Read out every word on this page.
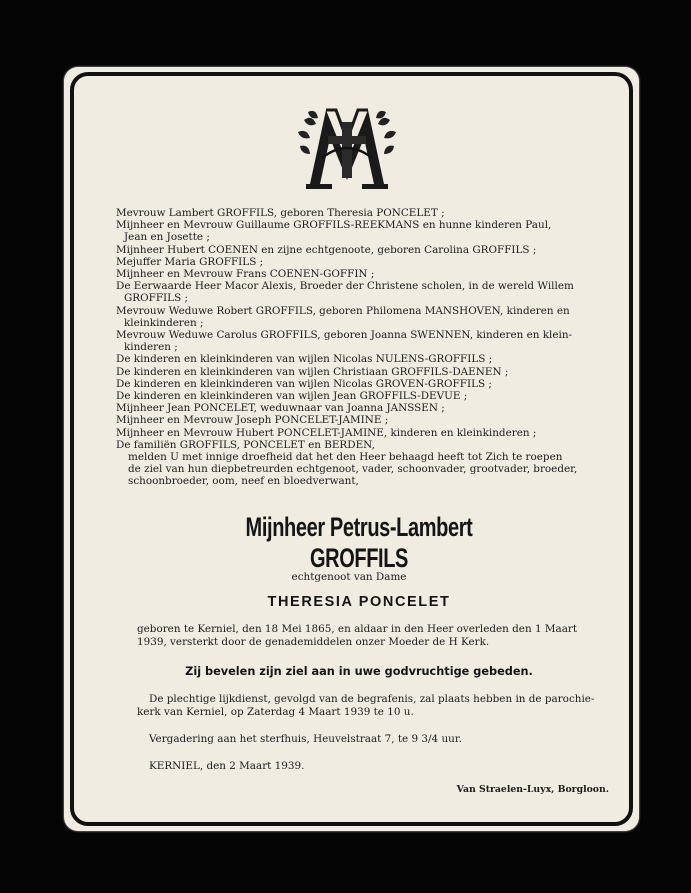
Mevrouw Lambert GROFFILS, geboren Theresia PONCELET ;
Mijnheer en Mevrouw Guillaume GROFFILS-REEKMANS en hunne kinderen Paul,
Jean en Josette ;
Mijnheer Hubert COENEN en zijne echtgenoote, geboren Carolina GROFFILS ;
Mejuffer Maria GROFFILS ;
Mijnheer en Mevrouw Frans COENEN-GOFFIN ;
De Eerwaarde Heer Macor Alexis, Broeder der Christene scholen, in de wereld Willem
GROFFILS ;
Mevrouw Weduwe Robert GROFFILS, geboren Philomena MANSHOVEN, kinderen en
kleinkinderen ;
Mevrouw Weduwe Carolus GROFFILS, geboren Joanna SWENNEN, kinderen en klein-
kinderen ;
De kinderen en kleinkinderen van wijlen Nicolas NULENS-GROFFILS ;
De kinderen en kleinkinderen van wijlen Christiaan GROFFILS-DAENEN ;
De kinderen en kleinkinderen van wijlen Nicolas GROVEN-GROFFILS ;
De kinderen en kleinkinderen van wijlen Jean GROFFILS-DEVUE ;
Mijnheer Jean PONCELET, weduwnaar van Joanna JANSSEN ;
Mijnheer en Mevrouw Joseph PONCELET-JAMINE ;
Mijnheer en Mevrouw Hubert PONCELET-JAMINE, kinderen en kleinkinderen ;
De familiën GROFFILS, PONCELET en BERDEN,
melden U met innige droefheid dat het den Heer behaagd heeft tot Zich te roepen
de ziel van hun diepbetreurden echtgenoot, vader, schoonvader, grootvader, broeder,
schoonbroeder, oom, neef en bloedverwant,
Mijnheer Petrus-Lambert GROFFILS
echtgenoot van Dame
THERESIA PONCELET
geboren te Kerniel, den 18 Mei 1865, en aldaar in den Heer overleden den 1 Maart
1939, versterkt door de genademiddelen onzer Moeder de H Kerk.
Zij bevelen zijn ziel aan in uwe godvruchtige gebeden.
De plechtige lijkdienst, gevolgd van de begrafenis, zal plaats hebben in de parochie-
kerk van Kerniel, op Zaterdag 4 Maart 1939 te 10 u.
Vergadering aan het sterfhuis, Heuvelstraat 7, te 9 3/4 uur.
KERNIEL, den 2 Maart 1939.
Van Straelen-Luyx, Borgloon.
